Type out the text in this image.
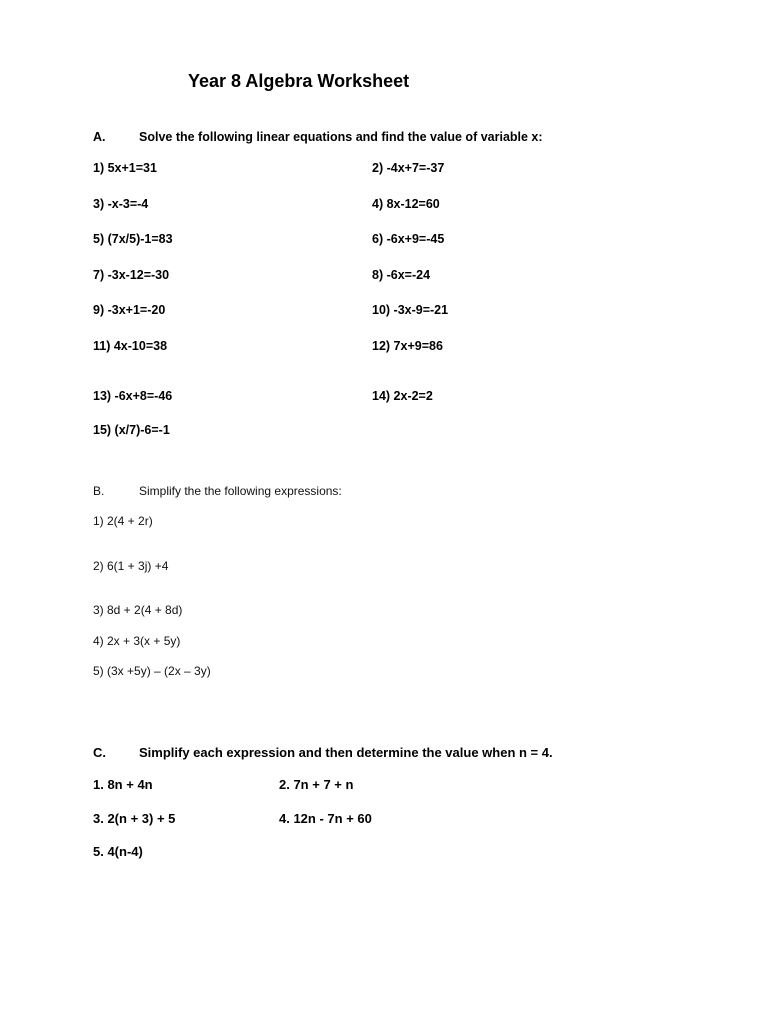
Year 8 Algebra Worksheet
A.	Solve the following linear equations and find the value of variable x:
1) 5x+1=31	2) -4x+7=-37
3) -x-3=-4	4) 8x-12=60
5) (7x/5)-1=83	6) -6x+9=-45
7) -3x-12=-30	8) -6x=-24
9) -3x+1=-20	10) -3x-9=-21
11) 4x-10=38	12) 7x+9=86
13) -6x+8=-46	14) 2x-2=2
15) (x/7)-6=-1
B.	Simplify the the following expressions:
1) 2(4 + 2r)
2) 6(1 + 3j) +4
3) 8d + 2(4 + 8d)
4) 2x + 3(x + 5y)
5) (3x +5y) – (2x – 3y)
C.	Simplify each expression and then determine the value when n = 4.
1. 8n + 4n	2. 7n + 7 + n
3. 2(n + 3) + 5	4. 12n - 7n + 60
5. 4(n-4)
